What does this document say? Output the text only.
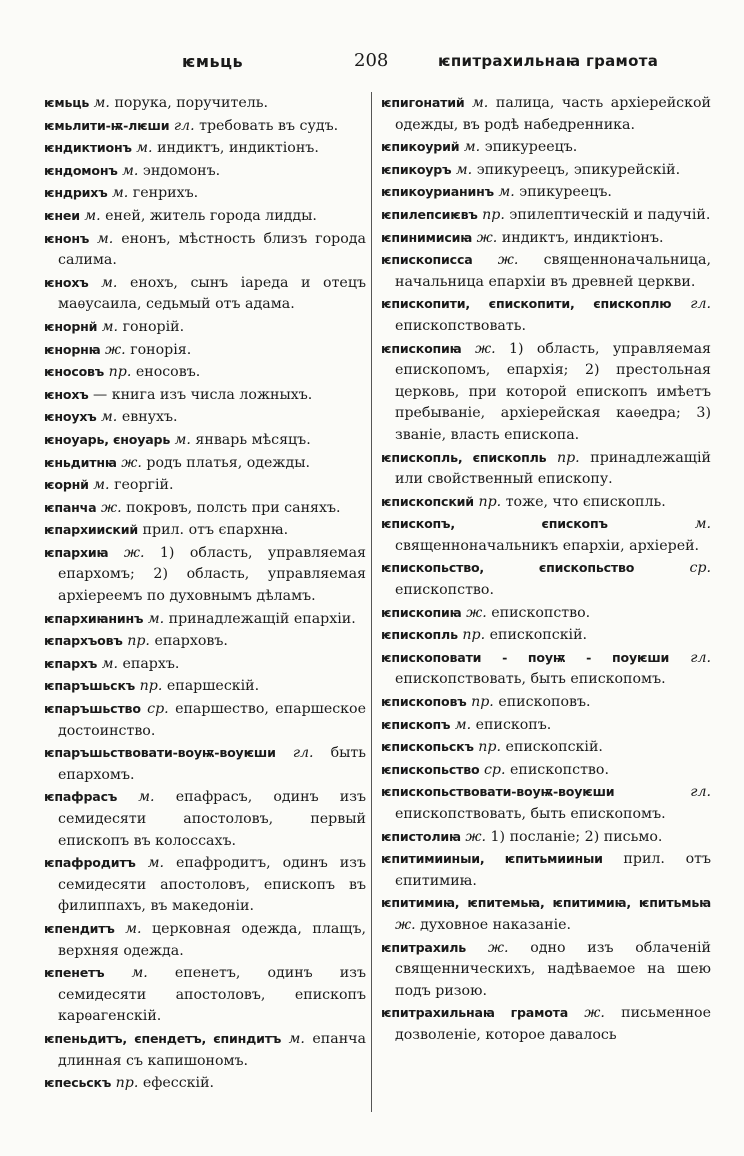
ѥмьць	208	ѥпитрахильнаꙗ грамота

ѥмьць м. порука, поручитель.

ѥмьлити-ѭ-лѥши гл. требовать въ судъ.

ѥндиктионъ м. индиктъ, индиктіонъ.

ѥндомонъ м. эндомонъ.

ѥндрихъ м. генрихъ.

ѥнеи м. еней, житель города лидды.

ѥнонъ м. енонъ, мѣстность близъ города салима.

ѥнохъ м. енохъ, сынъ іареда и отецъ маѳусаила, седьмый отъ адама.

ѥнорнй м. гонорій.

ѥнорнꙗ ж. гонорія.

ѥносовъ пр. еносовъ.

ѥнохъ — книга изъ числа ложныхъ.

ѥноухъ м. евнухъ.

ѥноуарь, єноуарь м. январь мѣсяцъ.

ѥньдитнꙗ ж. родъ платья, одежды.

ѥорнй м. георгій.

ѥпанча ж. покровъ, полсть при саняхъ.

ѥпархииский прил. отъ єпархнꙗ.

ѥпархиꙗ ж. 1) область, управляемая епархомъ; 2) область, управляемая архіереемъ по духовнымъ дѣламъ.

ѥпархиꙗнинъ м. принадлежащій епархіи.

ѥпархъовъ пр. епарховъ.

ѥпархъ м. епархъ.

ѥпаръшьскъ пр. епаршескій.

ѥпаръшьство ср. епаршество, епаршеское достоинство.

ѥпаръшьствовати-воуѭ-воуѥши гл. быть епархомъ.

ѥпафрасъ м. епафрасъ, одинъ изъ семидесяти апостоловъ, первый епископъ въ колоссахъ.

ѥпафродитъ м. епафродитъ, одинъ изъ семидесяти апостоловъ, епископъ въ филиппахъ, въ македоніи.

ѥпендитъ м. церковная одежда, плащъ, верхняя одежда.

ѥпенетъ м. епенетъ, одинъ изъ семидесяти апостоловъ, епископъ карѳагенскій.

ѥпеньдитъ, єпендетъ, єпиндитъ м. епанча длинная съ капишономъ.

ѥпесьскъ пр. ефесскій.

ѥпигонатий м. палица, часть архіерейской одежды, въ родѣ набедренника.

ѥпикоурий м. эпикуреецъ.

ѥпикоуръ м. эпикуреецъ, эпикурейскій.

ѥпикоурианинъ м. эпикуреецъ.

ѥпилепсиѥвъ пр. эпилептическій и падучій.

ѥпинимисиꙗ ж. индиктъ, индиктіонъ.

ѥпискописса ж. священноначальница, начальница епархіи въ древней церкви.

ѥпископити, єпископити, єпископлю гл. епископствовать.

ѥпископиꙗ ж. 1) область, управляемая епископомъ, епархія; 2) престольная церковь, при которой епископъ имѣетъ пребываніе, архіерейская каѳедра; 3) званіе, власть епископа.

ѥпископль, єпископль пр. принадлежащій или свойственный епископу.

ѥпископский пр. тоже, что єпископль.

ѥпископъ, єпископъ	м. священноначальникъ епархіи, архіерей.

ѥпископьство, єпископьство	ср. епископство.

ѥпископиꙗ ж. епископство.

ѥпископль пр. епископскій.

ѥпископовати - поуѭ - поуѥши гл. епископствовать, быть епископомъ.

ѥпископовъ пр. епископовъ.

ѥпископъ м. епископъ.

ѥпископьскъ пр. епископскій.

ѥпископьство ср. епископство.

ѥпископьствовати-воуѭ-воуѥши	гл. епископствовать, быть епископомъ.

ѥпистолиꙗ ж. 1) посланіе; 2) письмо.

ѥпитимииныи, ѥпитьмииныи прил. отъ єпитимиꙗ.

ѥпитимиꙗ, ѥпитемьꙗ, ѥпитимиꙗ, ѥпитьмьꙗ ж. духовное наказаніе.

ѥпитрахиль ж. одно изъ облаченій священническихъ, надѣваемое на шею подъ ризою.

ѥпитрахильнаꙗ грамота ж. письменное дозволеніе, которое давалось
